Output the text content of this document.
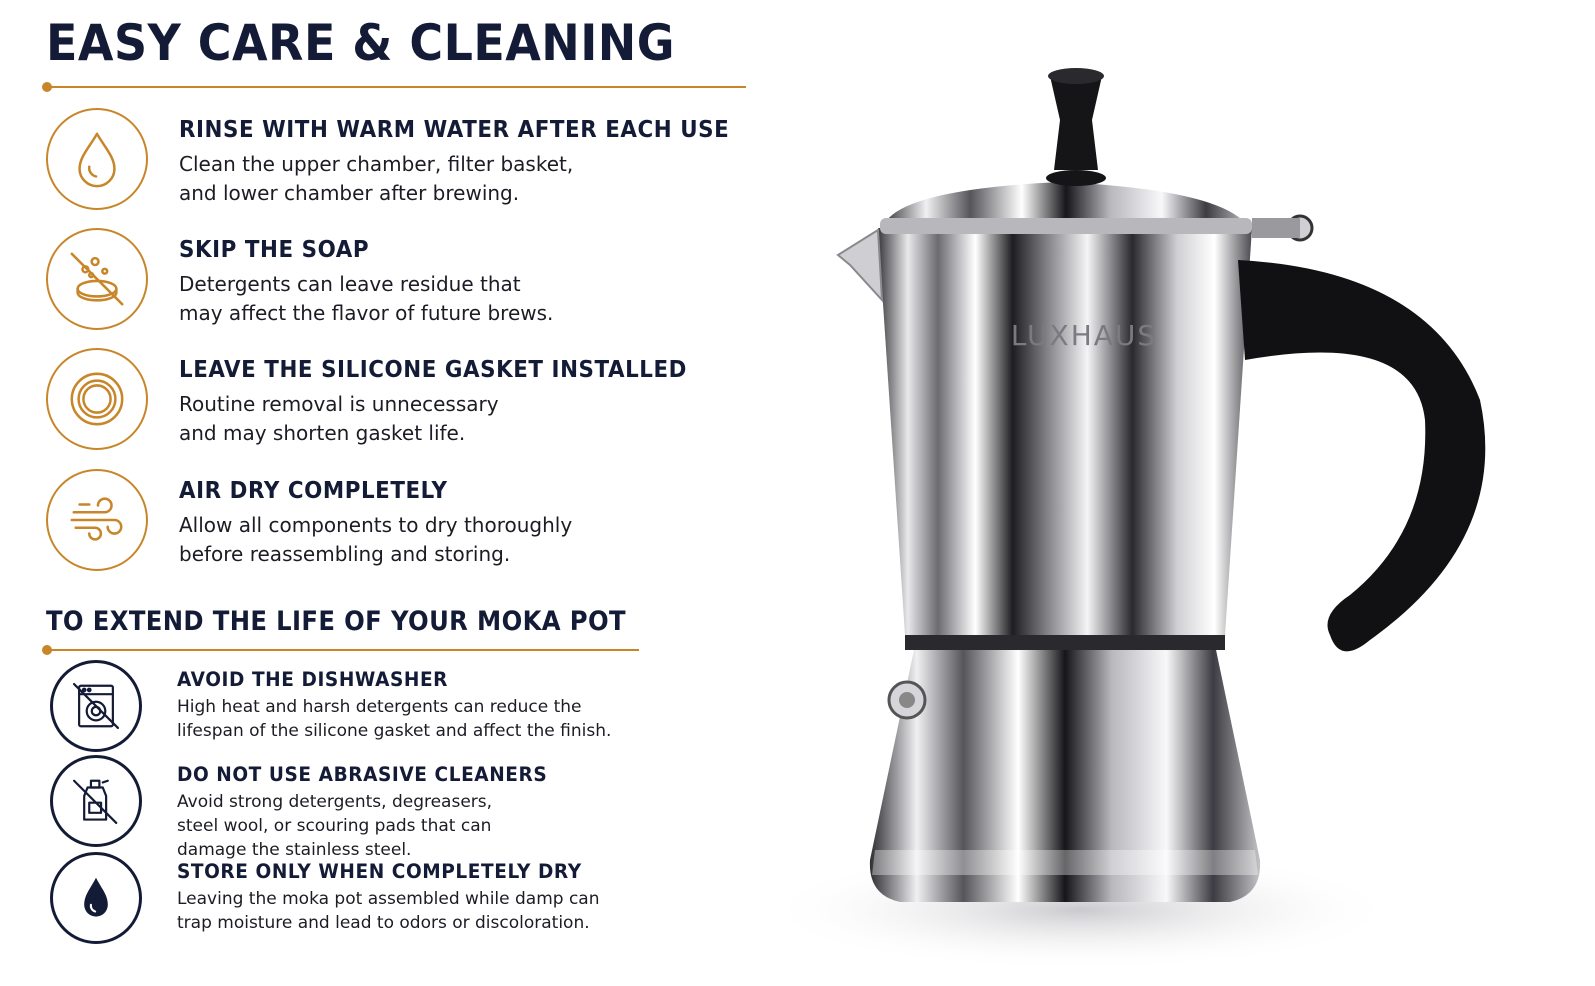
EASY CARE & CLEANING
RINSE WITH WARM WATER AFTER EACH USE
Clean the upper chamber, filter basket,
and lower chamber after brewing.
SKIP THE SOAP
Detergents can leave residue that
may affect the flavor of future brews.
LEAVE THE SILICONE GASKET INSTALLED
Routine removal is unnecessary
and may shorten gasket life.
AIR DRY COMPLETELY
Allow all components to dry thoroughly
before reassembling and storing.
TO EXTEND THE LIFE OF YOUR MOKA POT
AVOID THE DISHWASHER
High heat and harsh detergents can reduce the
lifespan of the silicone gasket and affect the finish.
DO NOT USE ABRASIVE CLEANERS
Avoid strong detergents, degreasers,
steel wool, or scouring pads that can
damage the stainless steel.
STORE ONLY WHEN COMPLETELY DRY
Leaving the moka pot assembled while damp can
trap moisture and lead to odors or discoloration.
LUXHAUS
